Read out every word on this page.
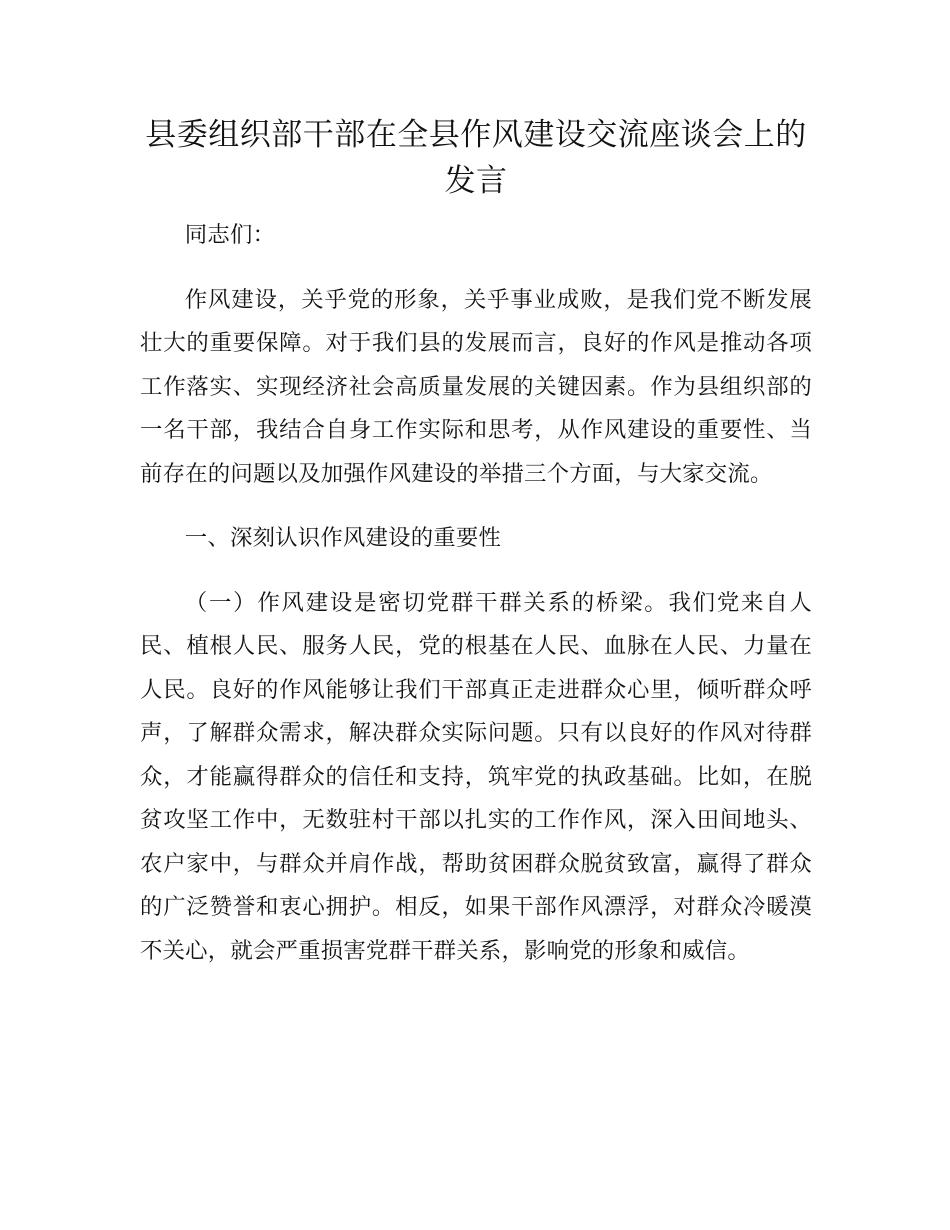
县委组织部干部在全县作风建设交流座谈会上的发言

同志们：

作风建设，关乎党的形象，关乎事业成败，是我们党不断发展壮大的重要保障。对于我们县的发展而言，良好的作风是推动各项工作落实、实现经济社会高质量发展的关键因素。作为县组织部的一名干部，我结合自身工作实际和思考，从作风建设的重要性、当前存在的问题以及加强作风建设的举措三个方面，与大家交流。

一、深刻认识作风建设的重要性

（一）作风建设是密切党群干群关系的桥梁。我们党来自人民、植根人民、服务人民，党的根基在人民、血脉在人民、力量在人民。良好的作风能够让我们干部真正走进群众心里，倾听群众呼声，了解群众需求，解决群众实际问题。只有以良好的作风对待群众，才能赢得群众的信任和支持，筑牢党的执政基础。比如，在脱贫攻坚工作中，无数驻村干部以扎实的工作作风，深入田间地头、农户家中，与群众并肩作战，帮助贫困群众脱贫致富，赢得了群众的广泛赞誉和衷心拥护。相反，如果干部作风漂浮，对群众冷暖漠不关心，就会严重损害党群干群关系，影响党的形象和威信。
